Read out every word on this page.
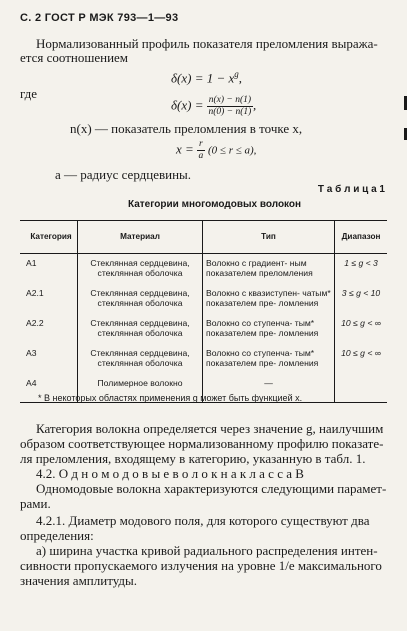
С. 2 ГОСТ Р МЭК 793—1—93
Нормализованный профиль показателя преломления выража-
ется соотношением
$\delta(x) = 1 - x^g$,
где
$\delta(x) = \frac{n(x) - n(1)}{n(0) - n(1)}$ ,
n(x) — показатель преломления в точке x,
$x = \frac{r}{a} (0 \le r \le a)$,
a — радиус сердцевины.
Т а б л и ц а 1
Категории многомодовых волокон
Категория	Материал	Тип	Диапазон
A1	Стеклянная сердцевина, стеклянная оболочка	Волокно с градиент- ным показателем преломления	1 ≤ g < 3
A2.1	Стеклянная сердцевина, стеклянная оболочка	Волокно с квазиступен- чатым* показателем пре- ломления	3 ≤ g < 10
A2.2	Стеклянная сердцевина, стеклянная оболочка	Волокно со ступенча- тым* показателем пре- ломления	10 ≤ g < ∞
A3	Стеклянная сердцевина, стеклянная оболочка	Волокно со ступенча- тым* показателем пре- ломления	10 ≤ g < ∞
A4	Полимерное волокно	—	
* В некоторых областях применения g может быть функцией x.
Категория волокна определяется через значение g, наилучшим
образом соответствующее нормализованному профилю показате-
ля преломления, входящему в категорию, указанную в табл. 1.
4.2. О д н о м о д о в ы е в о л о к н а к л а с с а В
Одномодовые волокна характеризуются следующими парамет-
рами.
4.2.1. Диаметр модового поля, для которого существуют два
определения:
а) ширина участка кривой радиального распределения интен-
сивности пропускаемого излучения на уровне 1/e максимального
значения амплитуды.
